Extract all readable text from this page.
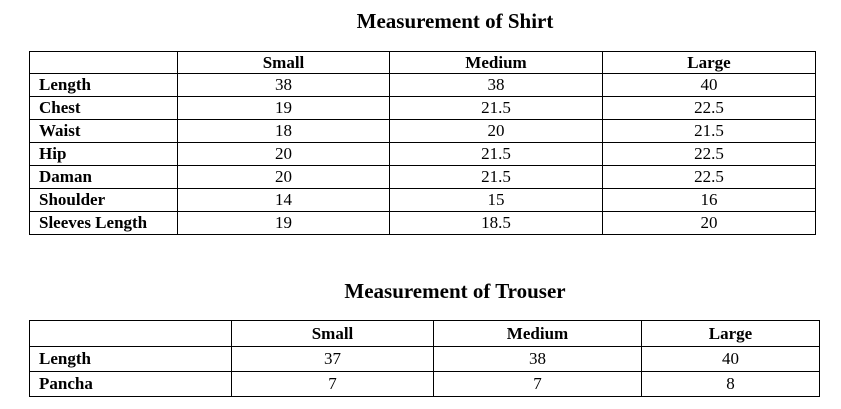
Measurement of Shirt
	Small	Medium	Large
Length	38	38	40
Chest	19	21.5	22.5
Waist	18	20	21.5
Hip	20	21.5	22.5
Daman	20	21.5	22.5
Shoulder	14	15	16
Sleeves Length	19	18.5	20
Measurement of Trouser
	Small	Medium	Large
Length	37	38	40
Pancha	7	7	8
